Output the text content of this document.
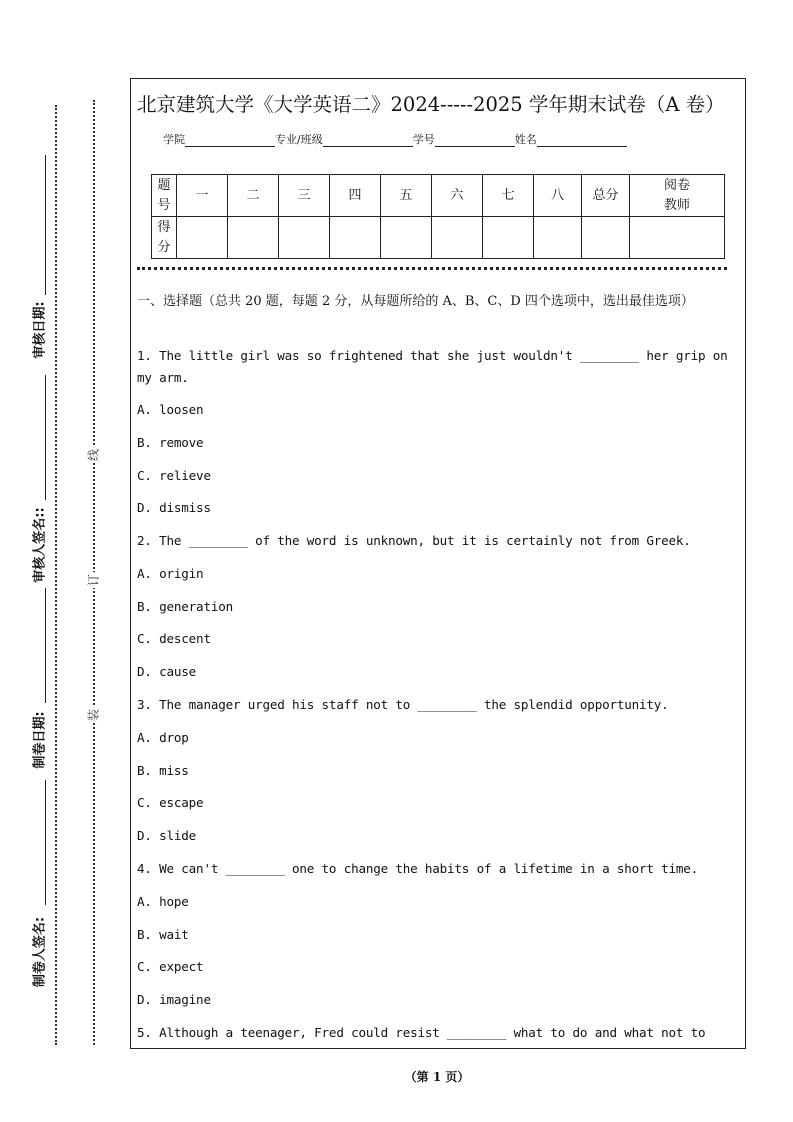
审核日期:
审核人签名::
制卷日期:
制卷人签名:
线
订
装
北京建筑大学《大学英语二》2024-----2025 学年期末试卷（A 卷）
学院	专业/班级	学号	姓名
题号	一	二	三	四	五	六	七	八	总分	阅卷教师
得分										
一、选择题（总共 20 题，每题 2 分，从每题所给的 A、B、C、D 四个选项中，选出最佳选项）
1. The little girl was so frightened that she just wouldn't ________ her grip on my arm.
A. loosen
B. remove
C. relieve
D. dismiss
2. The ________ of the word is unknown, but it is certainly not from Greek.
A. origin
B. generation
C. descent
D. cause
3. The manager urged his staff not to ________ the splendid opportunity.
A. drop
B. miss
C. escape
D. slide
4. We can't ________ one to change the habits of a lifetime in a short time.
A. hope
B. wait
C. expect
D. imagine
5. Although a teenager, Fred could resist ________ what to do and what not to
（第 1 页）
